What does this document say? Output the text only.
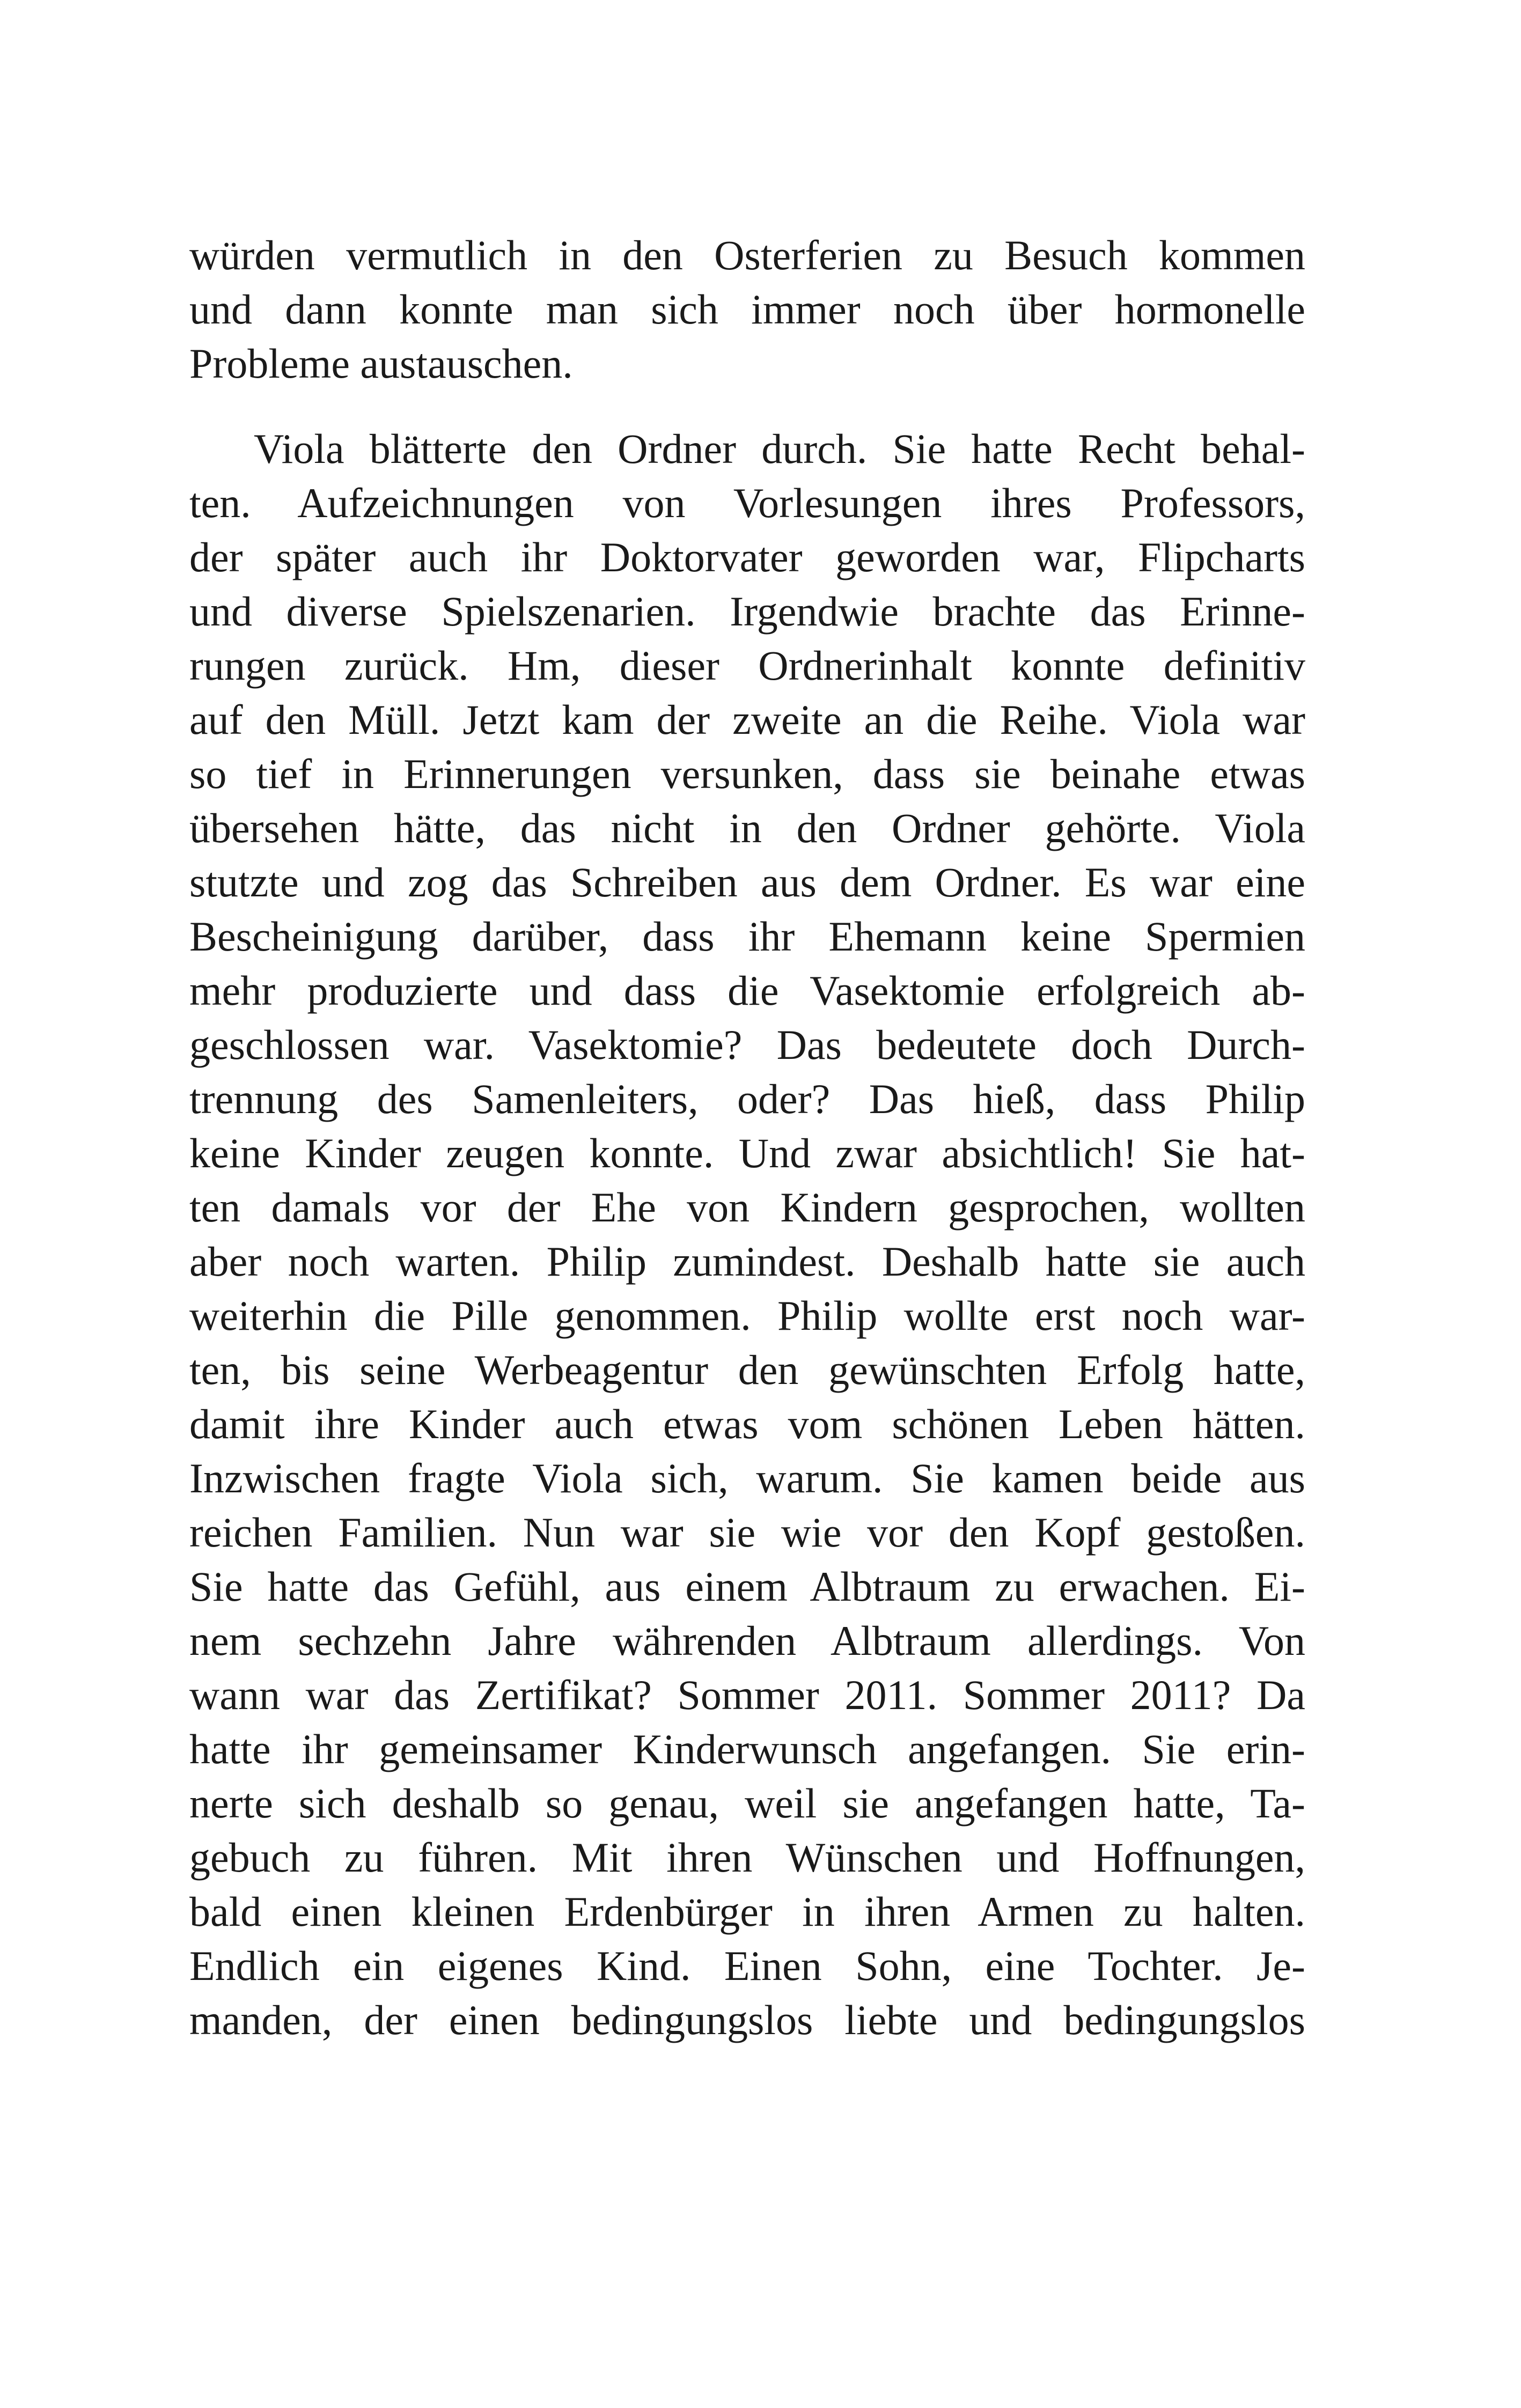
würden vermutlich in den Osterferien zu Besuch kommen
und dann konnte man sich immer noch über hormonelle
Probleme austauschen.
Viola blätterte den Ordner durch. Sie hatte Recht behal-
ten. Aufzeichnungen von Vorlesungen ihres Professors,
der später auch ihr Doktorvater geworden war, Flipcharts
und diverse Spielszenarien. Irgendwie brachte das Erinne-
rungen zurück. Hm, dieser Ordnerinhalt konnte definitiv
auf den Müll. Jetzt kam der zweite an die Reihe. Viola war
so tief in Erinnerungen versunken, dass sie beinahe etwas
übersehen hätte, das nicht in den Ordner gehörte. Viola
stutzte und zog das Schreiben aus dem Ordner. Es war eine
Bescheinigung darüber, dass ihr Ehemann keine Spermien
mehr produzierte und dass die Vasektomie erfolgreich ab-
geschlossen war. Vasektomie? Das bedeutete doch Durch-
trennung des Samenleiters, oder? Das hieß, dass Philip
keine Kinder zeugen konnte. Und zwar absichtlich! Sie hat-
ten damals vor der Ehe von Kindern gesprochen, wollten
aber noch warten. Philip zumindest. Deshalb hatte sie auch
weiterhin die Pille genommen. Philip wollte erst noch war-
ten, bis seine Werbeagentur den gewünschten Erfolg hatte,
damit ihre Kinder auch etwas vom schönen Leben hätten.
Inzwischen fragte Viola sich, warum. Sie kamen beide aus
reichen Familien. Nun war sie wie vor den Kopf gestoßen.
Sie hatte das Gefühl, aus einem Albtraum zu erwachen. Ei-
nem sechzehn Jahre währenden Albtraum allerdings. Von
wann war das Zertifikat? Sommer 2011. Sommer 2011? Da
hatte ihr gemeinsamer Kinderwunsch angefangen. Sie erin-
nerte sich deshalb so genau, weil sie angefangen hatte, Ta-
gebuch zu führen. Mit ihren Wünschen und Hoffnungen,
bald einen kleinen Erdenbürger in ihren Armen zu halten.
Endlich ein eigenes Kind. Einen Sohn, eine Tochter. Je-
manden, der einen bedingungslos liebte und bedingungslos
